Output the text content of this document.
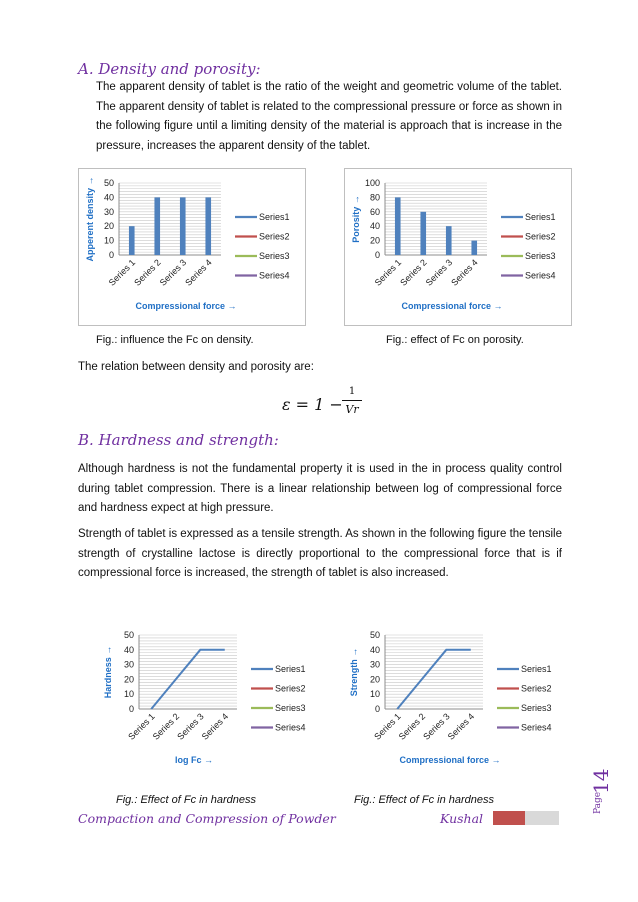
A. Density and porosity:
The apparent density of tablet is the ratio of the weight and geometric volume of the tablet. The apparent density of tablet is related to the compressional pressure or force as shown in the following figure until a limiting density of the material is approach that is increase in the pressure, increases the apparent density of the tablet.
0
10
20
30
40
50
Series 1
Series 2
Series 3
Series 4
Apperent density →
Compressional force →
Series1
Series2
Series3
Series4
0
20
40
60
80
100
Series 1
Series 2
Series 3
Series 4
Porosity →
Compressional force →
Series1
Series2
Series3
Series4
Fig.: influence the Fc on density.	Fig.: effect of Fc on porosity.
The relation between density and porosity are:
ε = 1 −
1
Vr
B. Hardness and strength:
Although hardness is not the fundamental property it is used in the in process quality control during tablet compression. There is a linear relationship between log of compressional force and hardness expect at high pressure.
Strength of tablet is expressed as a tensile strength. As shown in the following figure the tensile strength of crystalline lactose is directly proportional to the compressional force that is if compressional force is increased, the strength of tablet is also increased.
0
10
20
30
40
50
Series 1
Series 2
Series 3
Series 4
Hardness →
log Fc →
Series1
Series2
Series3
Series4
0
10
20
30
40
50
Series 1
Series 2
Series 3
Series 4
Strength →
Compressional force →
Series1
Series2
Series3
Series4
Fig.: Effect of Fc in hardness	Fig.: Effect of Fc in hardness
Compaction and Compression of Powder	Kushal
Page
14
